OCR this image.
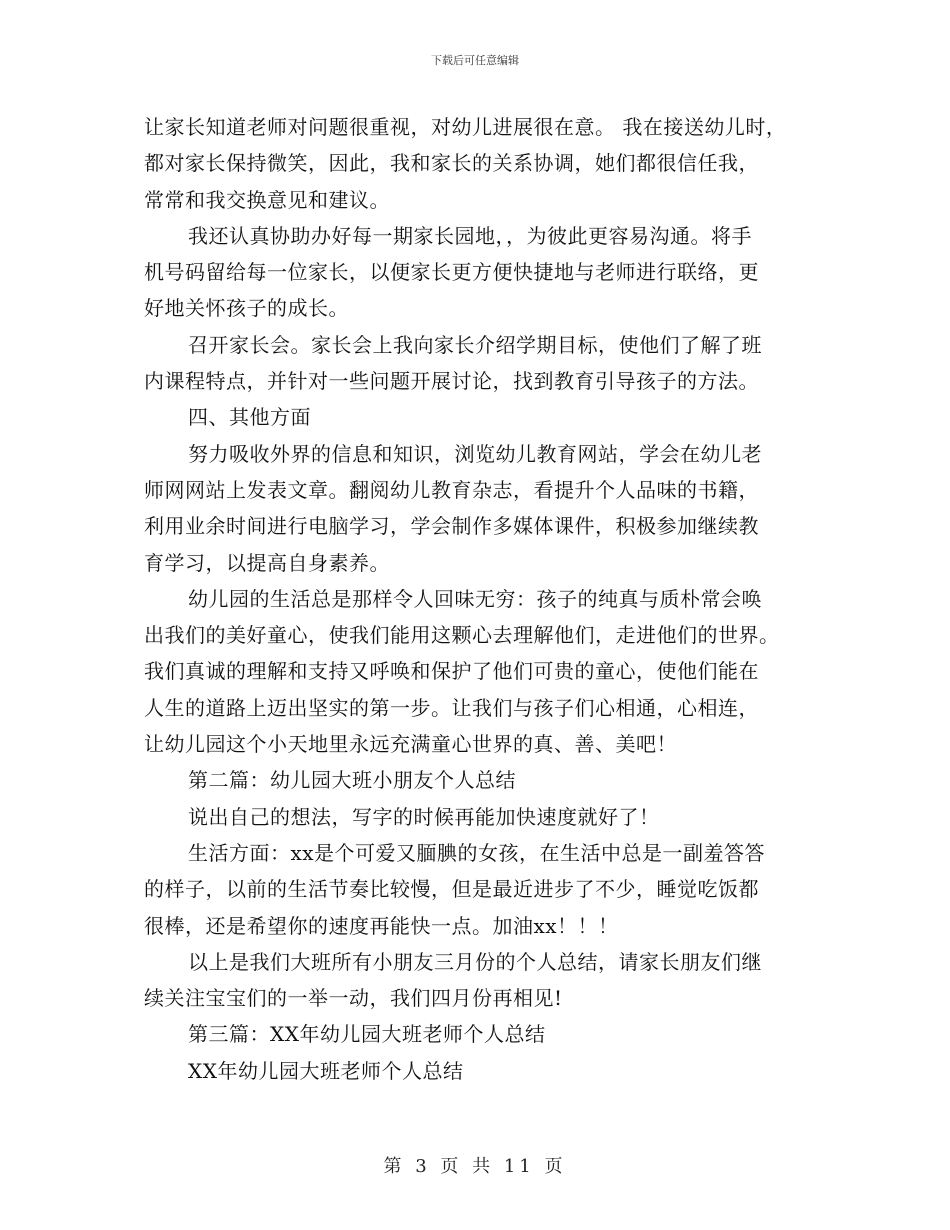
下载后可任意编辑
让家长知道老师对问题很重视，对幼儿进展很在意。 我在接送幼儿时，
都对家长保持微笑，因此，我和家长的关系协调，她们都很信任我，
常常和我交换意见和建议。
我还认真协助办好每一期家长园地，，为彼此更容易沟通。将手
机号码留给每一位家长，以便家长更方便快捷地与老师进行联络，更
好地关怀孩子的成长。
召开家长会。家长会上我向家长介绍学期目标，使他们了解了班
内课程特点，并针对一些问题开展讨论，找到教育引导孩子的方法。
四、其他方面
努力吸收外界的信息和知识，浏览幼儿教育网站，学会在幼儿老
师网网站上发表文章。翻阅幼儿教育杂志，看提升个人品味的书籍，
利用业余时间进行电脑学习，学会制作多媒体课件，积极参加继续教
育学习，以提高自身素养。
幼儿园的生活总是那样令人回味无穷：孩子的纯真与质朴常会唤
出我们的美好童心，使我们能用这颗心去理解他们，走进他们的世界。
我们真诚的理解和支持又呼唤和保护了他们可贵的童心，使他们能在
人生的道路上迈出坚实的第一步。让我们与孩子们心相通，心相连，
让幼儿园这个小天地里永远充满童心世界的真、善、美吧！
第二篇：幼儿园大班小朋友个人总结
说出自己的想法，写字的时候再能加快速度就好了！
生活方面：xx是个可爱又腼腆的女孩，在生活中总是一副羞答答
的样子，以前的生活节奏比较慢，但是最近进步了不少，睡觉吃饭都
很棒，还是希望你的速度再能快一点。加油xx！！！
以上是我们大班所有小朋友三月份的个人总结，请家长朋友们继
续关注宝宝们的一举一动，我们四月份再相见!
第三篇：XX年幼儿园大班老师个人总结
XX年幼儿园大班老师个人总结
第 3 页 共 11 页
